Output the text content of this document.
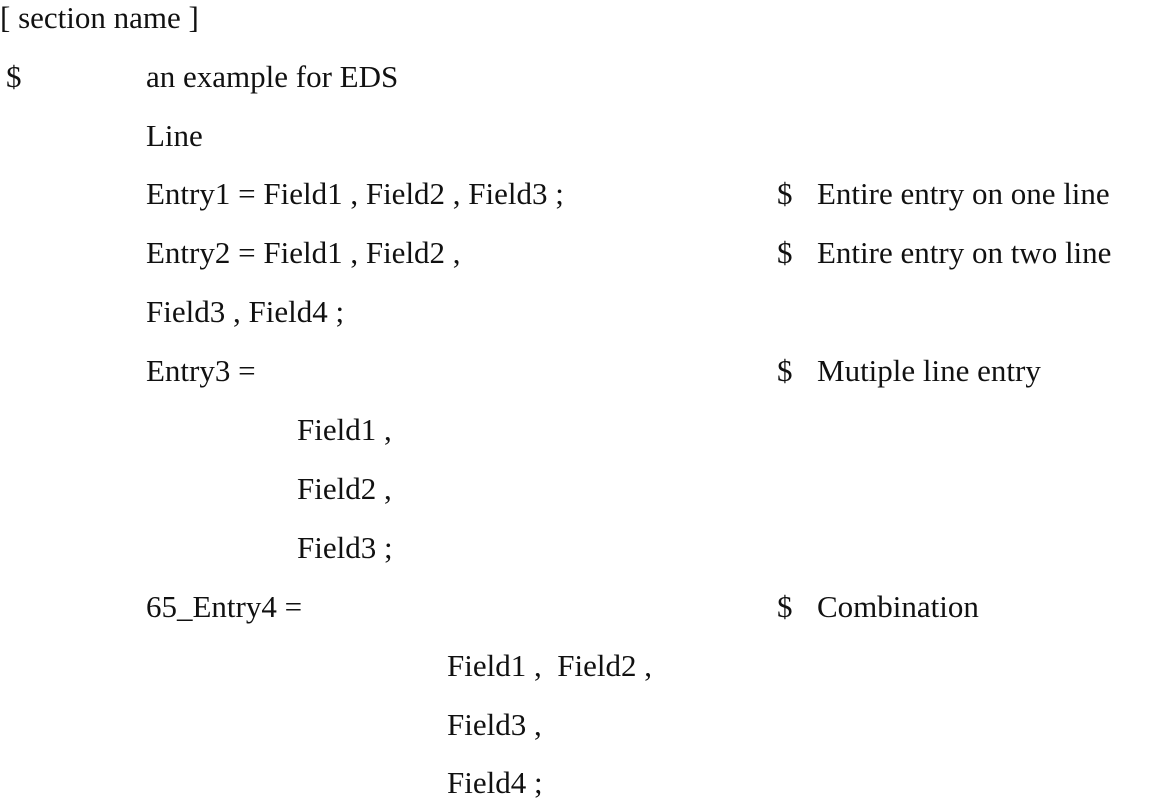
[ section name ]
$	an example for EDS
Line
Entry1 = Field1 , Field2 , Field3 ;	$ Entire entry on one line
Entry2 = Field1 , Field2 ,	$ Entire entry on two line
Field3 , Field4 ;
Entry3 =	$ Mutiple line entry
Field1 ,
Field2 ,
Field3 ;
65_Entry4 =	$ Combination
Field1 ,  Field2 ,
Field3 ,
Field4 ;
